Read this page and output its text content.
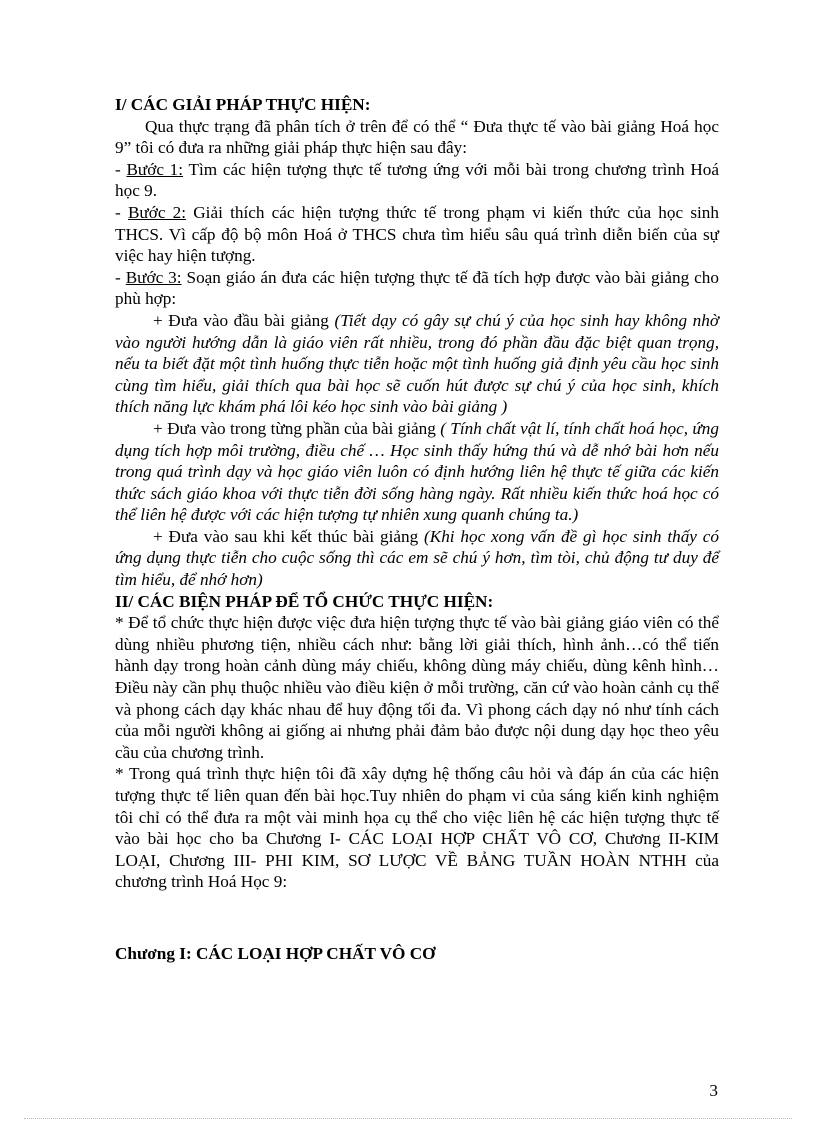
I/ CÁC GIẢI PHÁP THỰC HIỆN:

Qua thực trạng đã phân tích ở trên để có thể “ Đưa thực tế vào bài giảng Hoá học 9” tôi có đưa ra những giải pháp thực hiện sau đây:

- Bước 1: Tìm các hiện tượng thực tế tương ứng với mỗi bài trong chương trình Hoá học 9.

- Bước 2: Giải thích các hiện tượng thức tế trong phạm vi kiến thức của học sinh THCS. Vì cấp độ bộ môn Hoá ở THCS chưa tìm hiểu sâu quá trình diễn biến của sự việc hay hiện tượng.

- Bước 3: Soạn giáo án đưa các hiện tượng thực tế đã tích hợp được vào bài giảng cho phù hợp:

+ Đưa vào đầu bài giảng (Tiết dạy có gây sự chú ý của học sinh hay không nhờ vào người hướng dẫn là giáo viên rất nhiều, trong đó phần đầu đặc biệt quan trọng, nếu ta biết đặt một tình huống thực tiễn hoặc một tình huống giả định yêu cầu học sinh cùng tìm hiểu, giải thích qua bài học sẽ cuốn hút được sự chú ý của học sinh, khích thích năng lực khám phá lôi kéo học sinh vào bài giảng )

+ Đưa vào trong từng phần của bài giảng ( Tính chất vật lí, tính chất hoá học, ứng dụng tích hợp môi trường, điều chế … Học sinh thấy hứng thú và dễ nhớ bài hơn nếu trong quá trình dạy và học giáo viên luôn có định hướng liên hệ thực tế giữa các kiến thức sách giáo khoa với thực tiễn đời sống hàng ngày. Rất nhiều kiến thức hoá học có thể liên hệ được với các hiện tượng tự nhiên xung quanh chúng ta.)

+ Đưa vào sau khi kết thúc bài giảng (Khi học xong vấn đề gì học sinh thấy có ứng dụng thực tiễn cho cuộc sống thì các em sẽ chú ý hơn, tìm tòi, chủ động tư duy để tìm hiểu, để nhớ hơn)

II/ CÁC BIỆN PHÁP ĐỂ TỔ CHỨC THỰC HIỆN:

* Để tổ chức thực hiện được việc đưa hiện tượng thực tế vào bài giảng giáo viên có thể dùng nhiều phương tiện, nhiều cách như: bằng lời giải thích, hình ảnh…có thể tiến hành dạy trong hoàn cảnh dùng máy chiếu, không dùng máy chiếu, dùng kênh hình…Điều này cần phụ thuộc nhiều vào điều kiện ở mỗi trường, căn cứ vào hoàn cảnh cụ thể và phong cách dạy khác nhau để huy động tối đa. Vì phong cách dạy nó như tính cách của mỗi người không ai giống ai nhưng phải đảm bảo được nội dung dạy học theo yêu cầu của chương trình.

* Trong quá trình thực hiện tôi đã xây dựng hệ thống câu hỏi và đáp án của các hiện tượng thực tế liên quan đến bài học.Tuy nhiên do phạm vi của sáng kiến kinh nghiệm tôi chỉ có thể đưa ra một vài minh họa cụ thể cho việc liên hệ các hiện tượng thực tế vào bài học cho ba Chương I- CÁC LOẠI HỢP CHẤT VÔ CƠ, Chương II-KIM LOẠI, Chương III- PHI KIM, SƠ LƯỢC VỀ BẢNG TUẦN HOÀN NTHH của chương trình Hoá Học 9:

Chương I: CÁC LOẠI HỢP CHẤT VÔ CƠ

3
